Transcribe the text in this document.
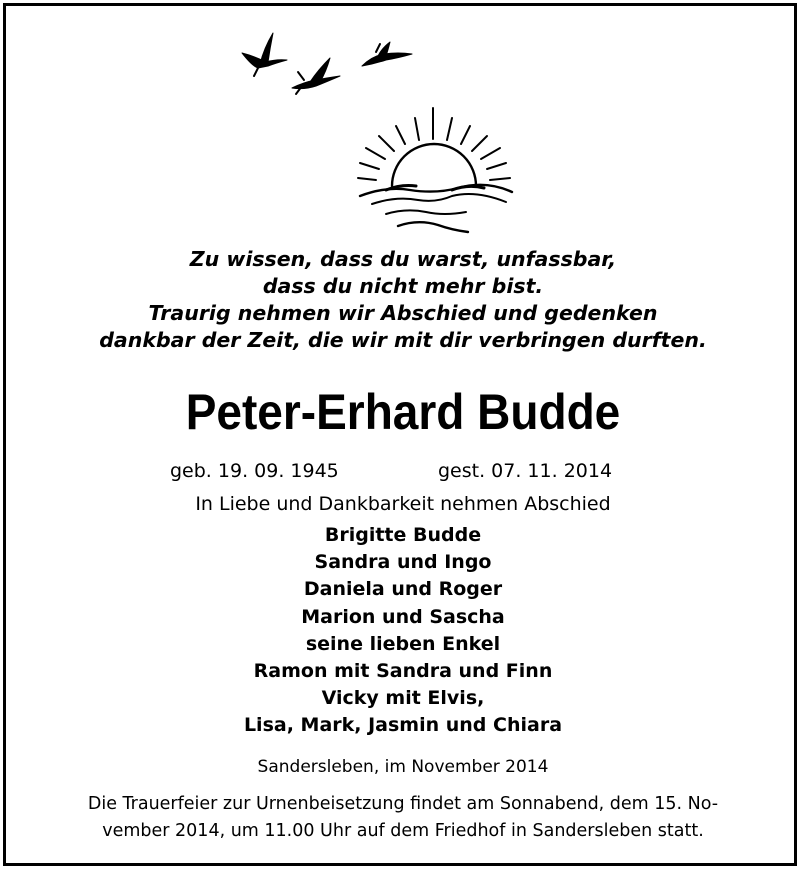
Zu wissen, dass du warst, unfassbar,
dass du nicht mehr bist.
Traurig nehmen wir Abschied und gedenken
dankbar der Zeit, die wir mit dir verbringen durften.
Peter-Erhard Budde
geb. 19. 09. 1945	gest. 07. 11. 2014
In Liebe und Dankbarkeit nehmen Abschied
Brigitte Budde
Sandra und Ingo
Daniela und Roger
Marion und Sascha
seine lieben Enkel
Ramon mit Sandra und Finn
Vicky mit Elvis,
Lisa, Mark, Jasmin und Chiara
Sandersleben, im November 2014
Die Trauerfeier zur Urnenbeisetzung findet am Sonnabend, dem 15. No-
vember 2014, um 11.00 Uhr auf dem Friedhof in Sandersleben statt.
